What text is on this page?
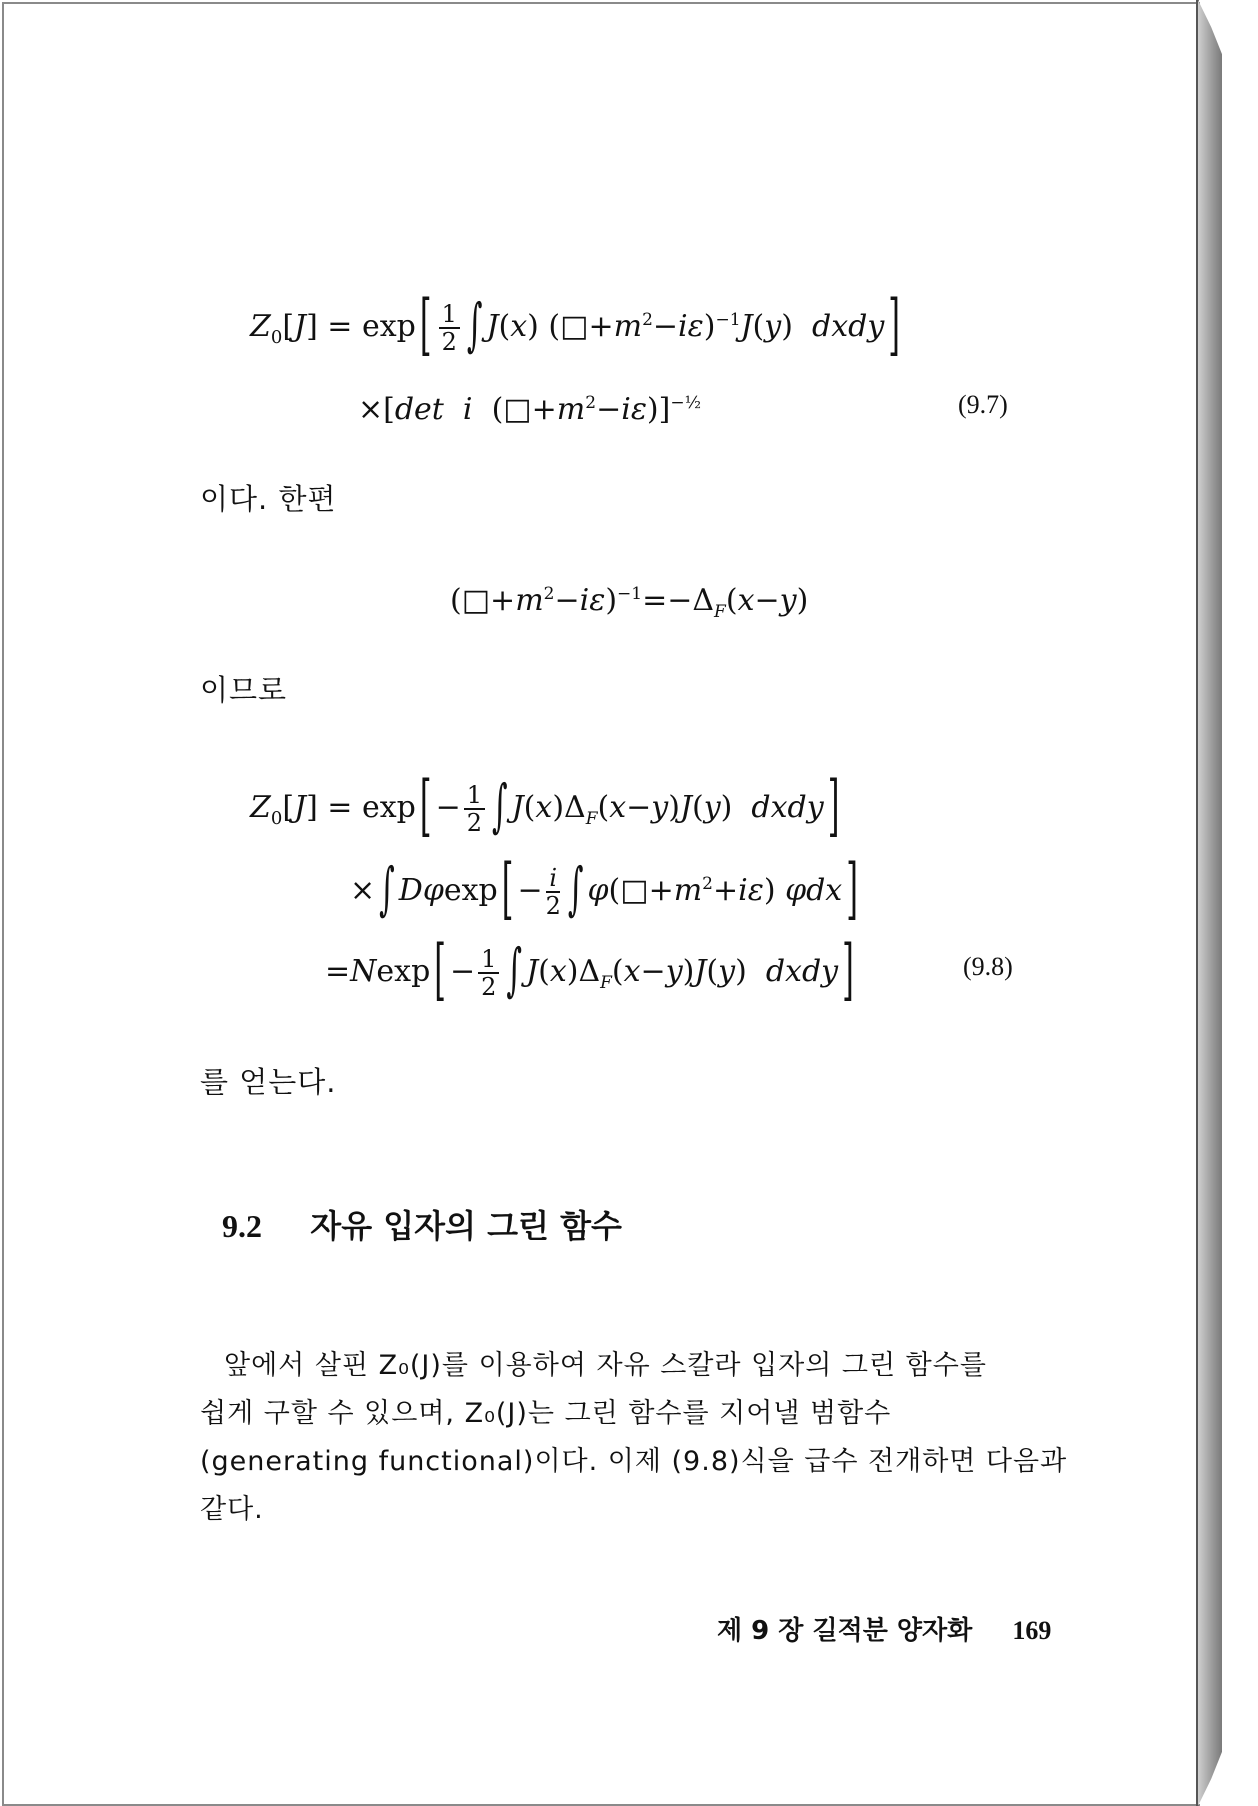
$Z_0[J] = \exp$ [ $\frac{1}{2}$ ∫ J(x) $(□+m^2-i\varepsilon)^{-1}J(y)$  dxdy ]
×[det  i  $(□+m^2-i\varepsilon)]^{-\frac{1}{2}}$	(9.7)
이다. 한편
$(□+m^2-i\varepsilon)^{-1}=-\Delta_F(x-y)$
이므로
$Z_0[J] = \exp$ [ − $\frac{1}{2}$ ∫ $J(x)\Delta_F(x-y)J(y)$  dxdy ]
× ∫ Dφexp [ − $\frac{i}{2}$ ∫ $\varphi(□+m^2+i\varepsilon)$ φdx ]
=Nexp [ − $\frac{1}{2}$ ∫ $J(x)\Delta_F(x-y)J(y)$  dxdy ]	(9.8)
를 얻는다.
9.2 자유 입자의 그린 함수
앞에서 살핀 Z₀(J)를 이용하여 자유 스칼라 입자의 그린 함수를
쉽게 구할 수 있으며, Z₀(J)는 그린 함수를 지어낼 범함수
(generating functional)이다. 이제 (9.8)식을 급수 전개하면 다음과
같다.
제 9 장 길적분 양자화 169
